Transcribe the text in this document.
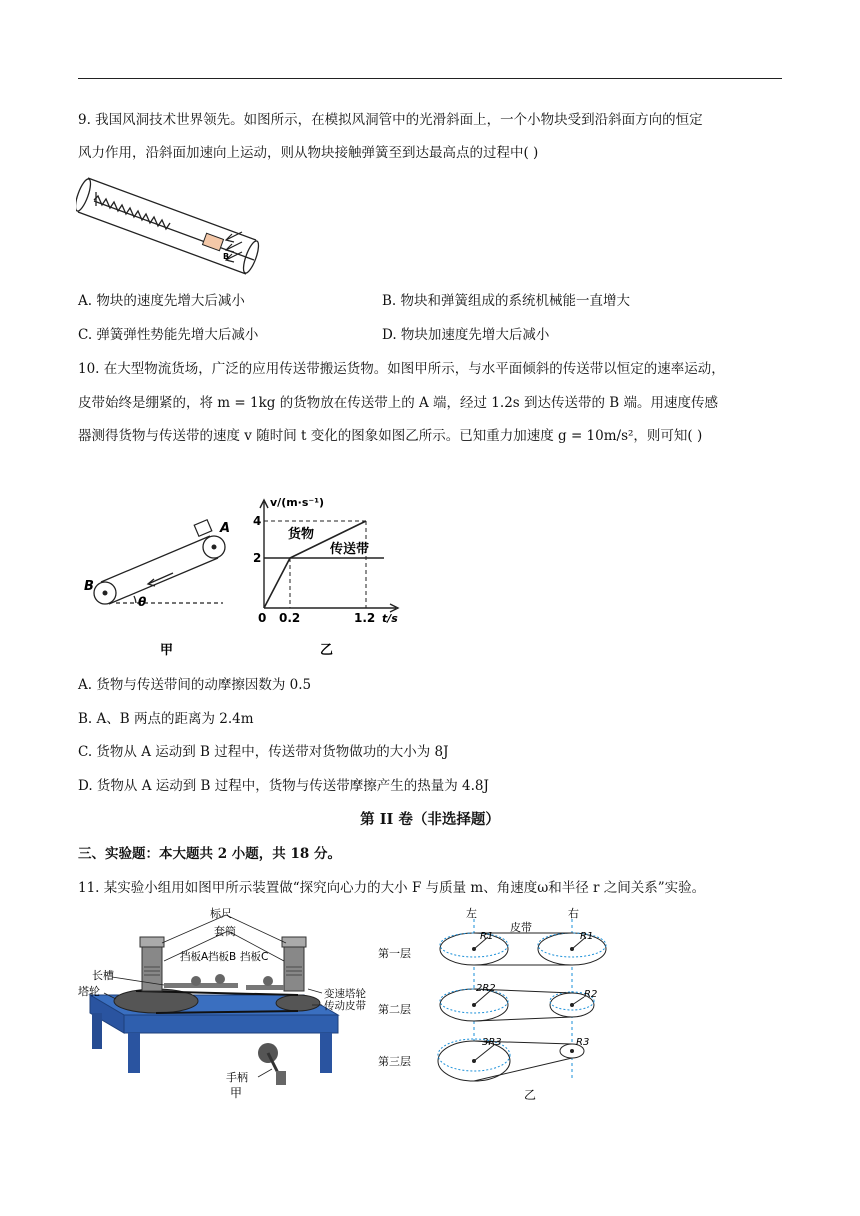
9. 我国风洞技术世界领先。如图所示，在模拟风洞管中的光滑斜面上，一个小物块受到沿斜面方向的恒定
风力作用，沿斜面加速向上运动，则从物块接触弹簧至到达最高点的过程中( )
B
A. 物块的速度先增大后减小	B. 物块和弹簧组成的系统机械能一直增大
C. 弹簧弹性势能先增大后减小	D. 物块加速度先增大后减小
10. 在大型物流货场，广泛的应用传送带搬运货物。如图甲所示，与水平面倾斜的传送带以恒定的速率运动，
皮带始终是绷紧的，将 m = 1kg 的货物放在传送带上的 A 端，经过 1.2s 到达传送带的 B 端。用速度传感
器测得货物与传送带的速度 v 随时间 t 变化的图象如图乙所示。已知重力加速度 g = 10m/s²，则可知( )
A
B
θ
甲
v/(m·s⁻¹)
4
2
0 0.2	1.2 t/s
货物
传送带
乙
A. 货物与传送带间的动摩擦因数为 0.5
B. A、B 两点的距离为 2.4m
C. 货物从 A 运动到 B 过程中，传送带对货物做功的大小为 8J
D. 货物从 A 运动到 B 过程中，货物与传送带摩擦产生的热量为 4.8J
第 II 卷（非选择题）
三、实验题：本大题共 2 小题，共 18 分。
11. 某实验小组用如图甲所示装置做“探究向心力的大小 F 与质量 m、角速度ω和半径 r 之间关系”实验。
标尺
套筒
挡板A 挡板B 挡板C
长槽
塔轮	变速塔轮
传动皮带
手柄
甲
左	右
皮带
第一层
第二层
第三层
R1	R1
2R2
R2
3R3	R3
乙
